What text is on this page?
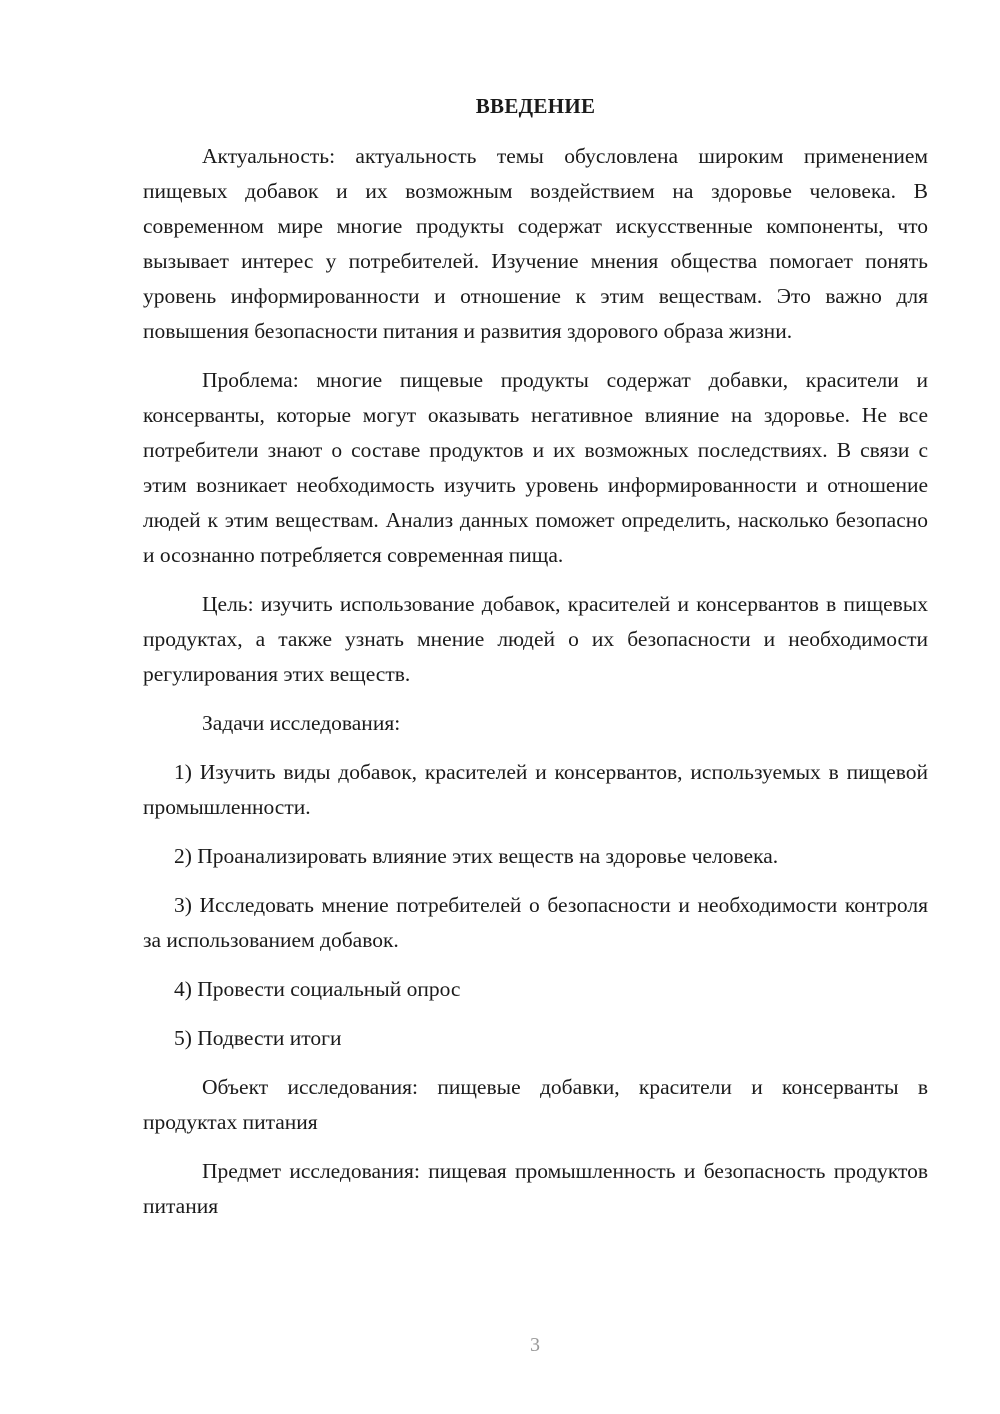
ВВЕДЕНИЕ

Актуальность: актуальность темы обусловлена широким применением пищевых добавок и их возможным воздействием на здоровье человека. В современном мире многие продукты содержат искусственные компоненты, что вызывает интерес у потребителей. Изучение мнения общества помогает понять уровень информированности и отношение к этим веществам. Это важно для повышения безопасности питания и развития здорового образа жизни.

Проблема: многие пищевые продукты содержат добавки, красители и консерванты, которые могут оказывать негативное влияние на здоровье. Не все потребители знают о составе продуктов и их возможных последствиях. В связи с этим возникает необходимость изучить уровень информированности и отношение людей к этим веществам. Анализ данных поможет определить, насколько безопасно и осознанно потребляется современная пища.

Цель: изучить использование добавок, красителей и консервантов в пищевых продуктах, а также узнать мнение людей о их безопасности и необходимости регулирования этих веществ.

Задачи исследования:

1) Изучить виды добавок, красителей и консервантов, используемых в пищевой промышленности.

2) Проанализировать влияние этих веществ на здоровье человека.

3) Исследовать мнение потребителей о безопасности и необходимости контроля за использованием добавок.

4) Провести социальный опрос

5) Подвести итоги

Объект исследования: пищевые добавки, красители и консерванты в продуктах питания

Предмет исследования: пищевая промышленность и безопасность продуктов питания

3
